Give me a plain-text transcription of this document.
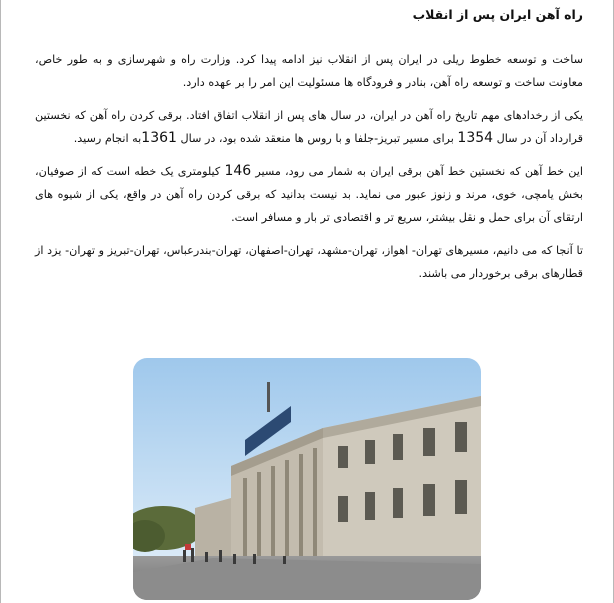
راه آهن ایران پس از انقلاب

ساخت و توسعه خطوط ریلی در ایران پس از انقلاب نیز ادامه پیدا کرد. وزارت راه و شهرسازی و به طور خاص، معاونت ساخت و توسعه راه آهن، بنادر و فرودگاه ها مسئولیت این امر را بر عهده دارد.

یکی از رخدادهای مهم تاریخ راه آهن در ایران، در سال های پس از انقلاب اتفاق افتاد. برقی کردن راه آهن که نخستین قرارداد آن در سال 1354 برای مسیر تبریز-جلفا و با روس ها منعقد شده بود، در سال 1361به انجام رسید.

این خط آهن که نخستین خط آهن برقی ایران به شمار می رود، مسیر 146 کیلومتری یک خطه است که از صوفیان، بخش یامچی، خوی، مرند و زنوز عبور می نماید. بد نیست بدانید که برقی کردن راه آهن در واقع، یکی از شیوه های ارتقای آن برای حمل و نقل بیشتر، سریع تر و اقتصادی تر بار و مسافر است.

تا آنجا که می دانیم، مسیرهای تهران- اهواز، تهران-مشهد، تهران-اصفهان، تهران-بندرعباس، تهران-تبریز و تهران- یزد از قطارهای برقی برخوردار می باشند.
